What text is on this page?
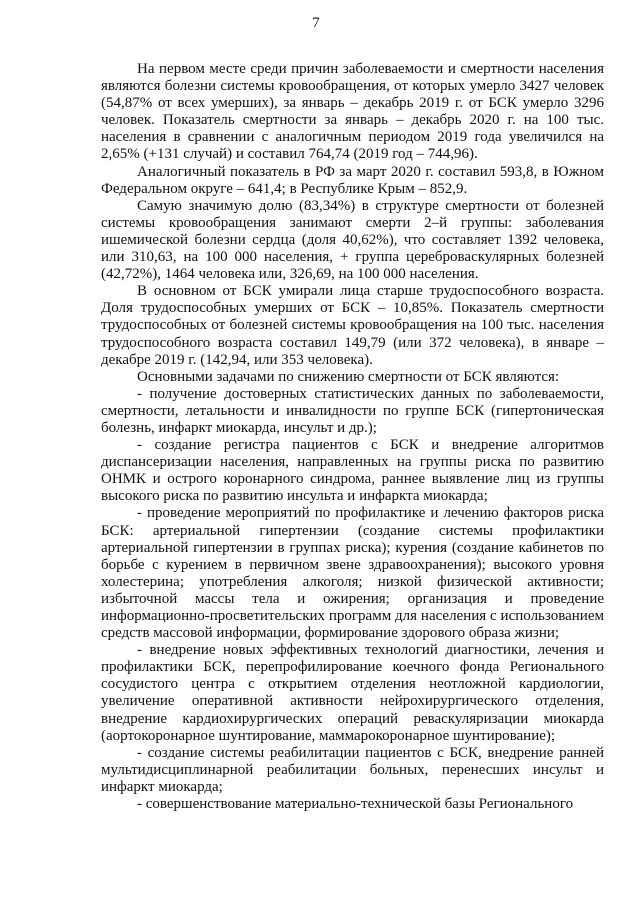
7

На первом месте среди причин заболеваемости и смертности населения являются болезни системы кровообращения, от которых умерло 3427 человек (54,87% от всех умерших), за январь – декабрь 2019 г. от БСК умерло 3296 человек. Показатель смертности за январь – декабрь 2020 г. на 100 тыс. населения в сравнении с аналогичным периодом 2019 года увеличился на 2,65% (+131 случай) и составил 764,74 (2019 год – 744,96).

Аналогичный показатель в РФ за март 2020 г. составил 593,8, в Южном Федеральном округе – 641,4; в Республике Крым – 852,9.

Самую значимую долю (83,34%) в структуре смертности от болезней системы кровообращения занимают смерти 2–й группы: заболевания ишемической болезни сердца (доля 40,62%), что составляет 1392 человека, или 310,63, на 100 000 населения, + группа цереброваскулярных болезней (42,72%), 1464 человека или, 326,69, на 100 000 населения.

В основном от БСК умирали лица старше трудоспособного возраста. Доля трудоспособных умерших от БСК – 10,85%. Показатель смертности трудоспособных от болезней системы кровообращения на 100 тыс. населения трудоспособного возраста составил 149,79 (или 372 человека), в январе – декабре 2019 г. (142,94, или 353 человека).

Основными задачами по снижению смертности от БСК являются:

- получение достоверных статистических данных по заболеваемости, смертности, летальности и инвалидности по группе БСК (гипертоническая болезнь, инфаркт миокарда, инсульт и др.);

- создание регистра пациентов с БСК и внедрение алгоритмов диспансеризации населения, направленных на группы риска по развитию ОНМК и острого коронарного синдрома, раннее выявление лиц из группы высокого риска по развитию инсульта и инфаркта миокарда;

- проведение мероприятий по профилактике и лечению факторов риска БСК: артериальной гипертензии (создание системы профилактики артериальной гипертензии в группах риска); курения (создание кабинетов по борьбе с курением в первичном звене здравоохранения); высокого уровня холестерина; употребления алкоголя; низкой физической активности; избыточной массы тела и ожирения; организация и проведение информационно-просветительских программ для населения с использованием средств массовой информации, формирование здорового образа жизни;

- внедрение новых эффективных технологий диагностики, лечения и профилактики БСК, перепрофилирование коечного фонда Регионального сосудистого центра с открытием отделения неотложной кардиологии, увеличение оперативной активности нейрохирургического отделения, внедрение кардиохирургических операций реваскуляризации миокарда (аортокоронарное шунтирование, маммарокоронарное шунтирование);

- создание системы реабилитации пациентов с БСК, внедрение ранней мультидисциплинарной реабилитации больных, перенесших инсульт и инфаркт миокарда;

- совершенствование материально-технической базы Регионального
